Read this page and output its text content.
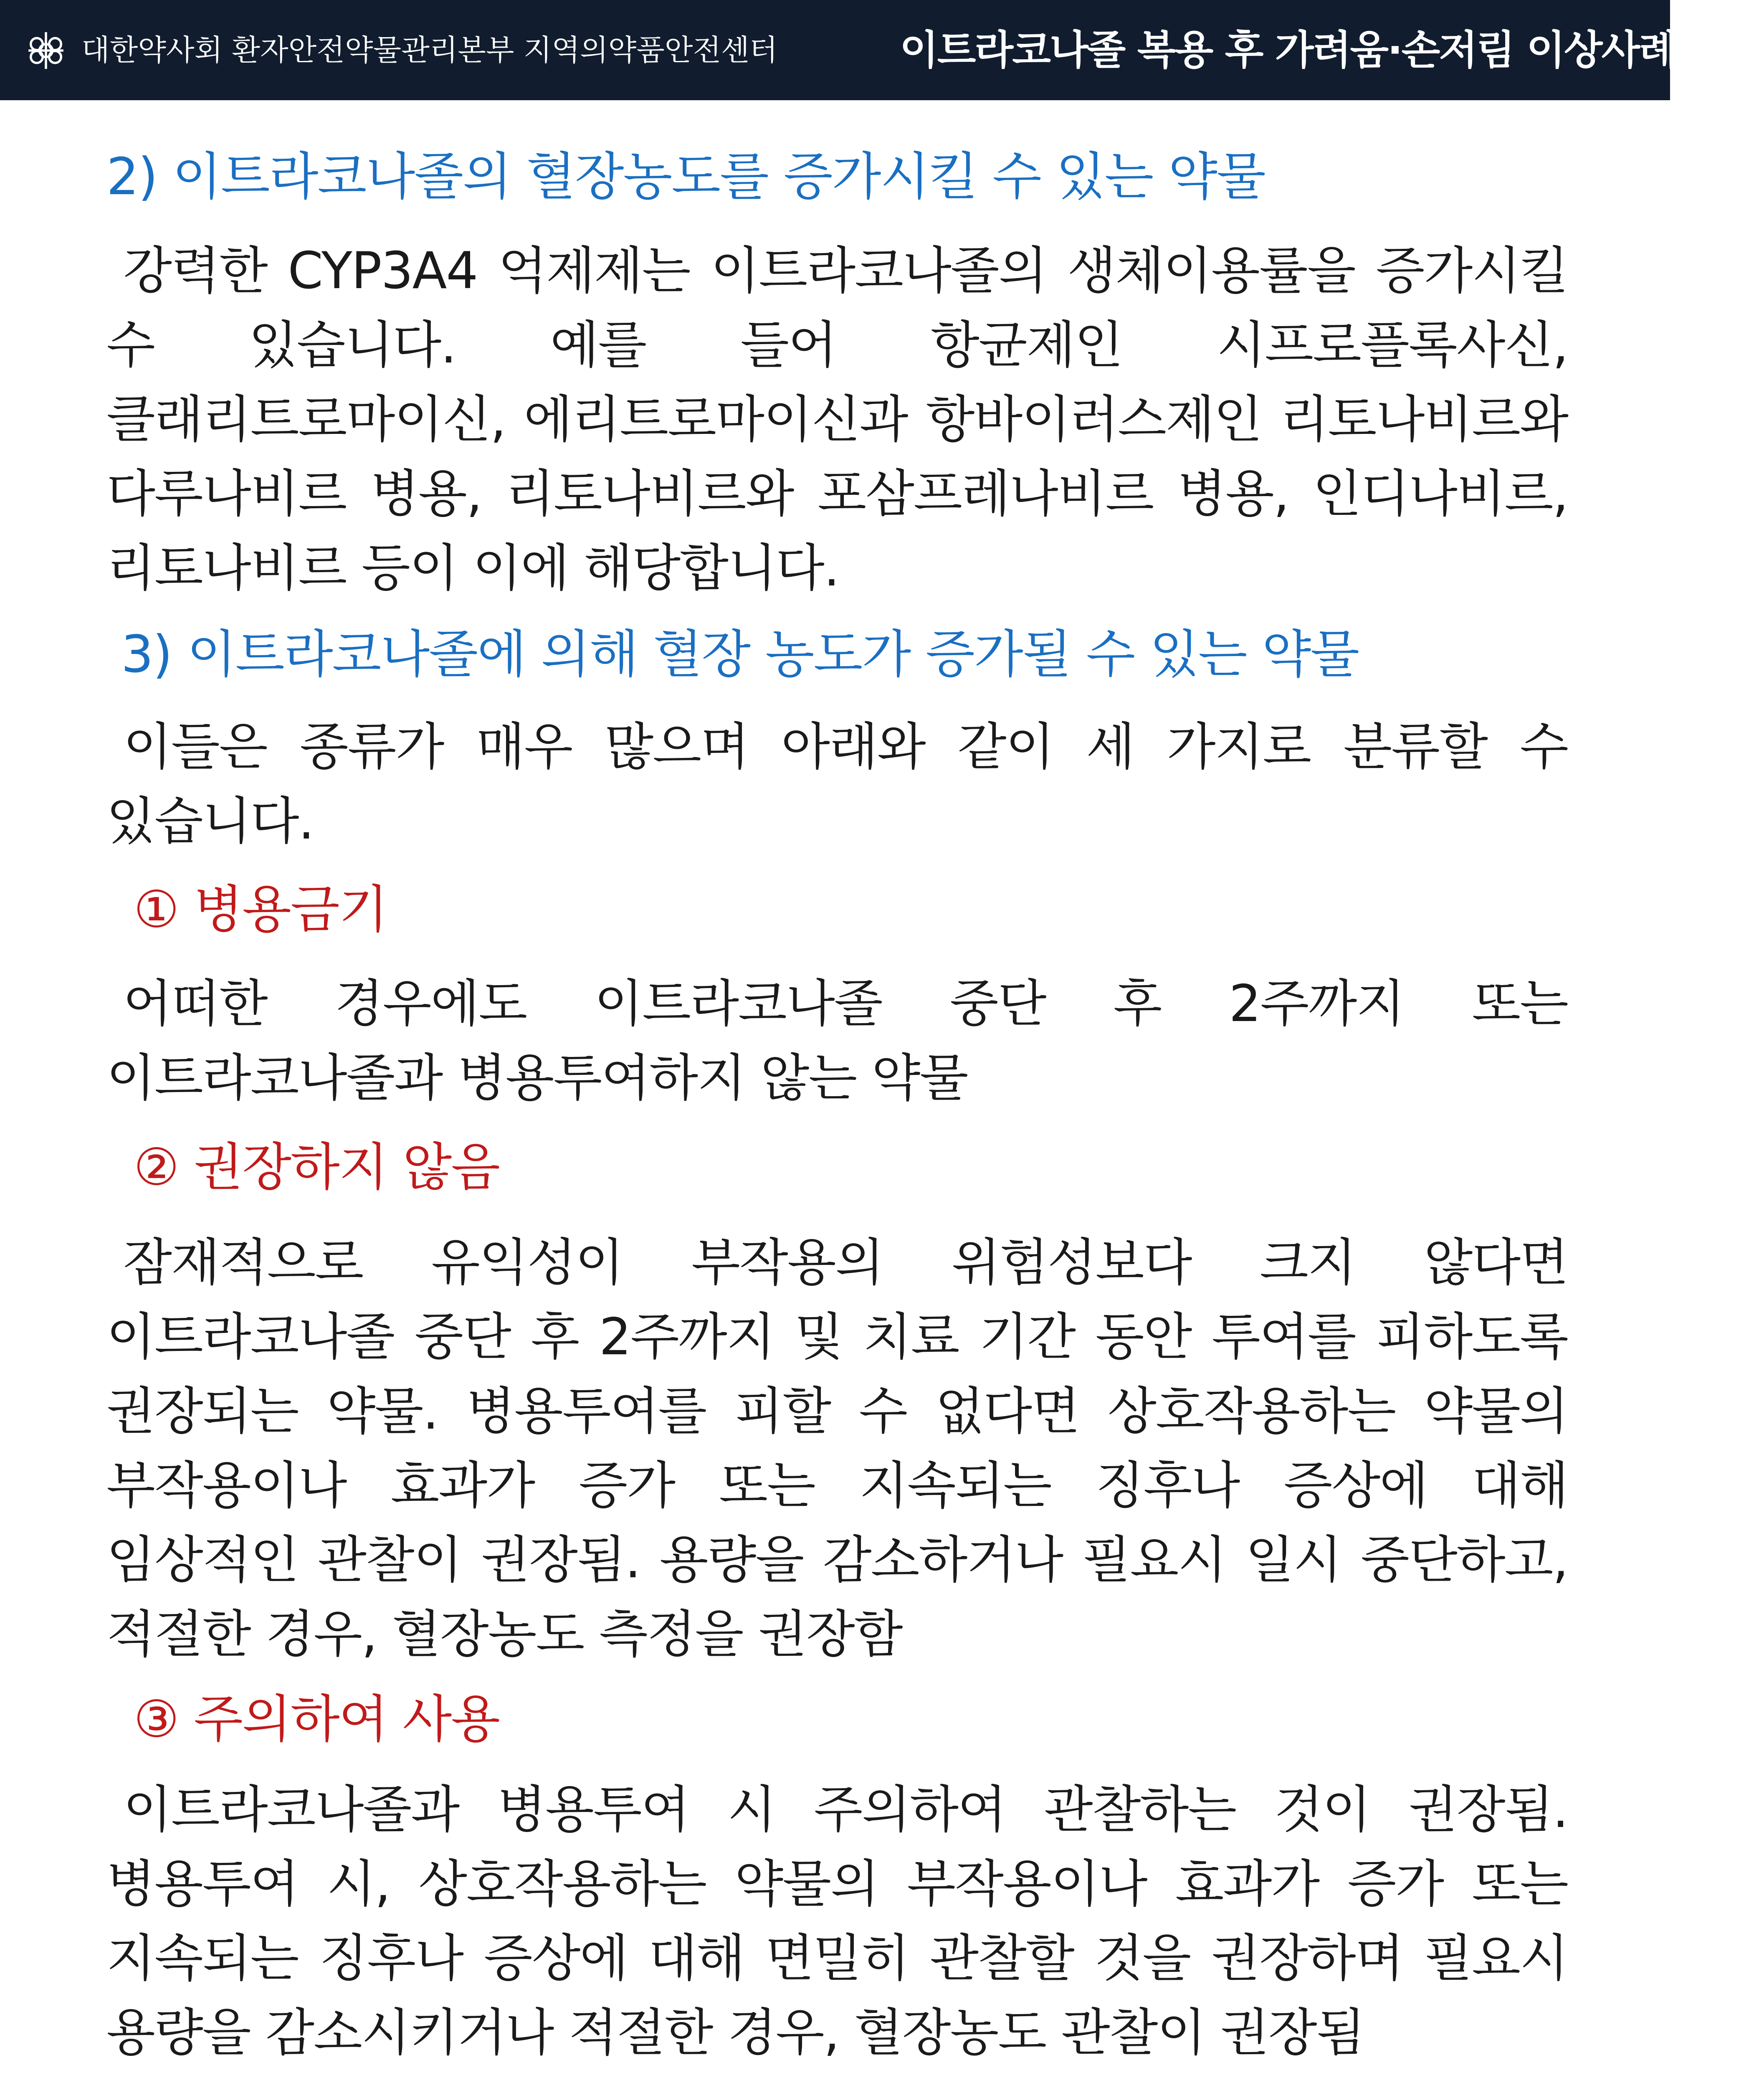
대한약사회 환자안전약물관리본부 지역의약품안전센터	이트라코나졸 복용 후 가려움·손저림 이상사례 발생
2) 이트라코나졸의 혈장농도를 증가시킬 수 있는 약물
강력한 CYP3A4 억제제는 이트라코나졸의 생체이용률을 증가시킬 수 있습니다. 예를 들어 항균제인 시프로플록사신, 클래리트로마이신, 에리트로마이신과 항바이러스제인 리토나비르와 다루나비르 병용, 리토나비르와 포삼프레나비르 병용, 인디나비르, 리토나비르 등이 이에 해당합니다.
3) 이트라코나졸에 의해 혈장 농도가 증가될 수 있는 약물
이들은 종류가 매우 많으며 아래와 같이 세 가지로 분류할 수 있습니다.
① 병용금기
어떠한 경우에도 이트라코나졸 중단 후 2주까지 또는 이트라코나졸과 병용투여하지 않는 약물
② 권장하지 않음
잠재적으로 유익성이 부작용의 위험성보다 크지 않다면 이트라코나졸 중단 후 2주까지 및 치료 기간 동안 투여를 피하도록 권장되는 약물. 병용투여를 피할 수 없다면 상호작용하는 약물의 부작용이나 효과가 증가 또는 지속되는 징후나 증상에 대해 임상적인 관찰이 권장됨. 용량을 감소하거나 필요시 일시 중단하고, 적절한 경우, 혈장농도 측정을 권장함
③ 주의하여 사용
이트라코나졸과 병용투여 시 주의하여 관찰하는 것이 권장됨. 병용투여 시, 상호작용하는 약물의 부작용이나 효과가 증가 또는 지속되는 징후나 증상에 대해 면밀히 관찰할 것을 권장하며 필요시 용량을 감소시키거나 적절한 경우, 혈장농도 관찰이 권장됨
